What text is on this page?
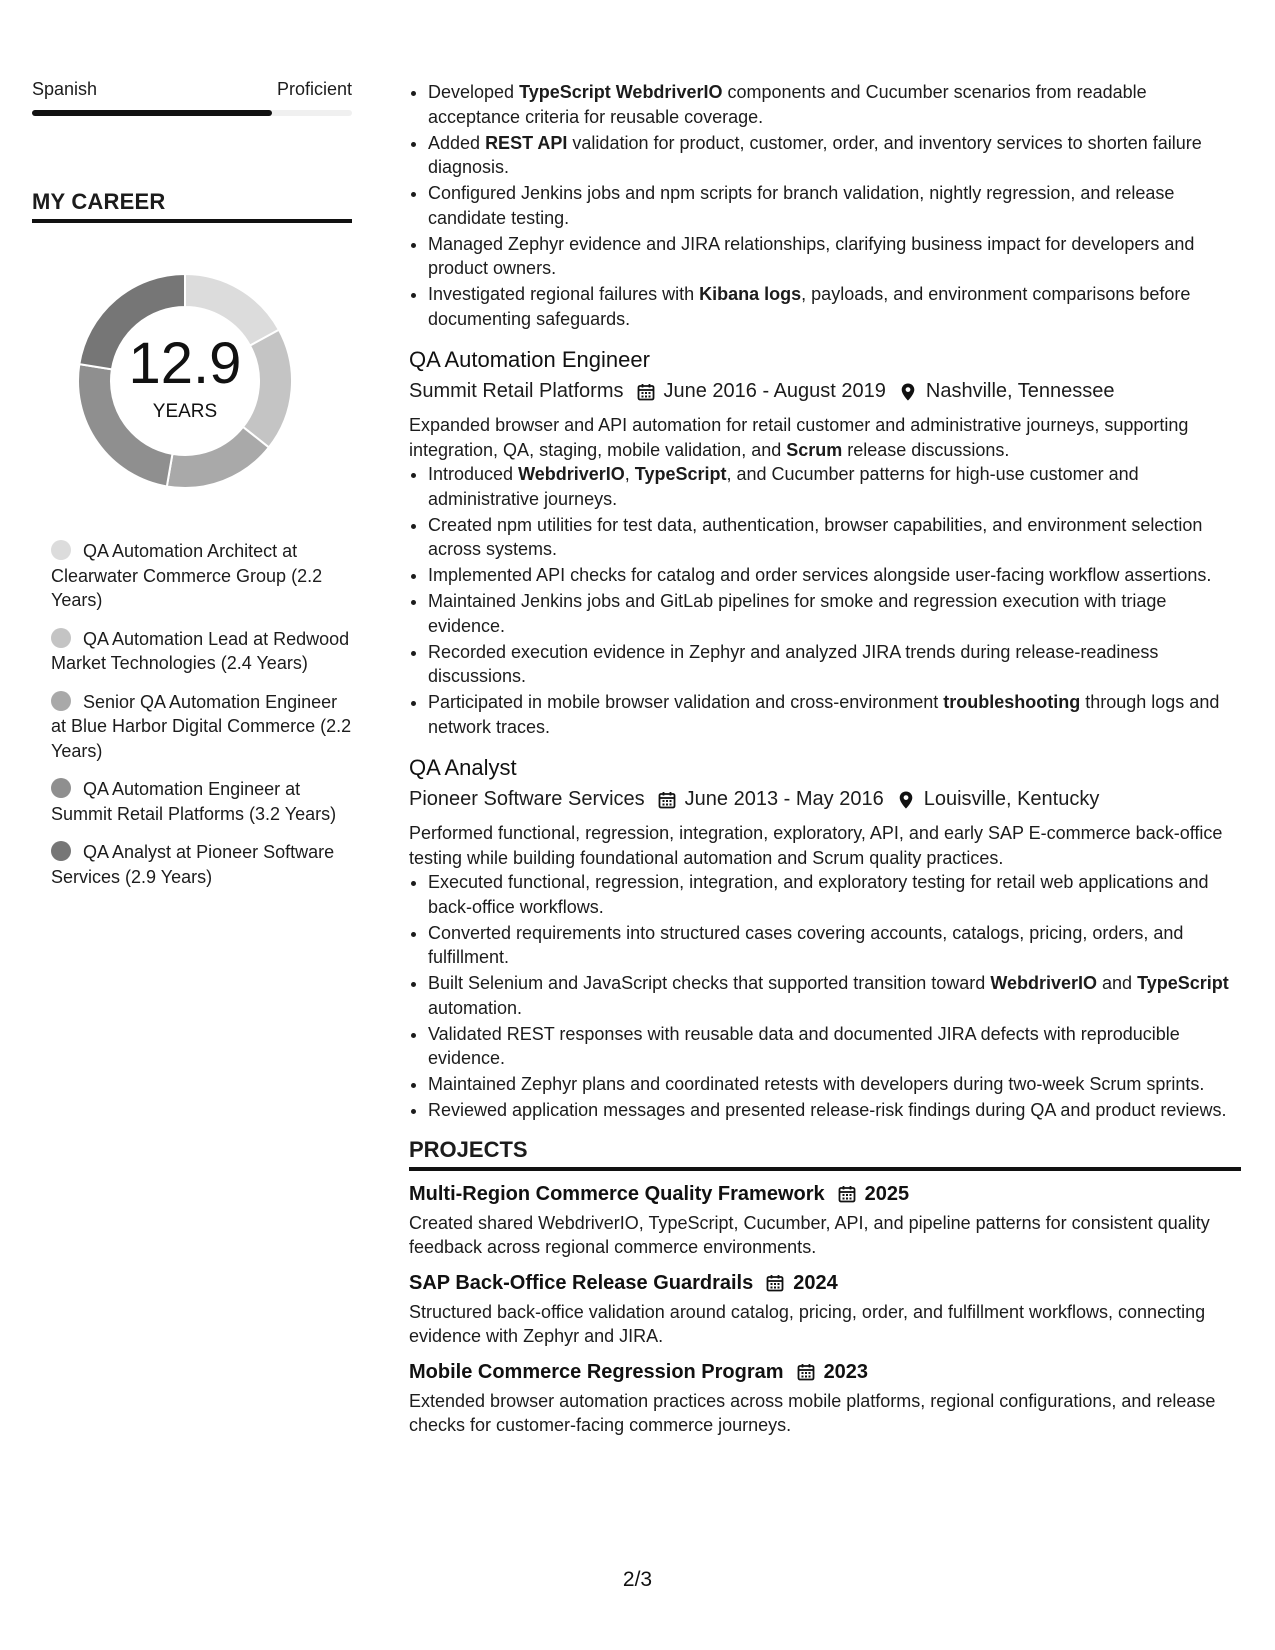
Spanish	Proficient
MY CAREER
12.9
YEARS
QA Automation Architect at Clearwater Commerce Group (2.2 Years)
QA Automation Lead at Redwood Market Technologies (2.4 Years)
Senior QA Automation Engineer at Blue Harbor Digital Commerce (2.2 Years)
QA Automation Engineer at Summit Retail Platforms (3.2 Years)
QA Analyst at Pioneer Software Services (2.9 Years)
• Developed TypeScript WebdriverIO components and Cucumber scenarios from readable acceptance criteria for reusable coverage.
• Added REST API validation for product, customer, order, and inventory services to shorten failure diagnosis.
• Configured Jenkins jobs and npm scripts for branch validation, nightly regression, and release candidate testing.
• Managed Zephyr evidence and JIRA relationships, clarifying business impact for developers and product owners.
• Investigated regional failures with Kibana logs, payloads, and environment comparisons before documenting safeguards.
QA Automation Engineer
Summit Retail Platforms June 2016 - August 2019 Nashville, Tennessee
Expanded browser and API automation for retail customer and administrative journeys, supporting integration, QA, staging, mobile validation, and Scrum release discussions.
• Introduced WebdriverIO, TypeScript, and Cucumber patterns for high-use customer and administrative journeys.
• Created npm utilities for test data, authentication, browser capabilities, and environment selection across systems.
• Implemented API checks for catalog and order services alongside user-facing workflow assertions.
• Maintained Jenkins jobs and GitLab pipelines for smoke and regression execution with triage evidence.
• Recorded execution evidence in Zephyr and analyzed JIRA trends during release-readiness discussions.
• Participated in mobile browser validation and cross-environment troubleshooting through logs and network traces.
QA Analyst
Pioneer Software Services June 2013 - May 2016 Louisville, Kentucky
Performed functional, regression, integration, exploratory, API, and early SAP E-commerce back-office testing while building foundational automation and Scrum quality practices.
• Executed functional, regression, integration, and exploratory testing for retail web applications and back-office workflows.
• Converted requirements into structured cases covering accounts, catalogs, pricing, orders, and fulfillment.
• Built Selenium and JavaScript checks that supported transition toward WebdriverIO and TypeScript automation.
• Validated REST responses with reusable data and documented JIRA defects with reproducible evidence.
• Maintained Zephyr plans and coordinated retests with developers during two-week Scrum sprints.
• Reviewed application messages and presented release-risk findings during QA and product reviews.
PROJECTS
Multi-Region Commerce Quality Framework 2025
Created shared WebdriverIO, TypeScript, Cucumber, API, and pipeline patterns for consistent quality feedback across regional commerce environments.
SAP Back-Office Release Guardrails 2024
Structured back-office validation around catalog, pricing, order, and fulfillment workflows, connecting evidence with Zephyr and JIRA.
Mobile Commerce Regression Program 2023
Extended browser automation practices across mobile platforms, regional configurations, and release checks for customer-facing commerce journeys.
2/3
